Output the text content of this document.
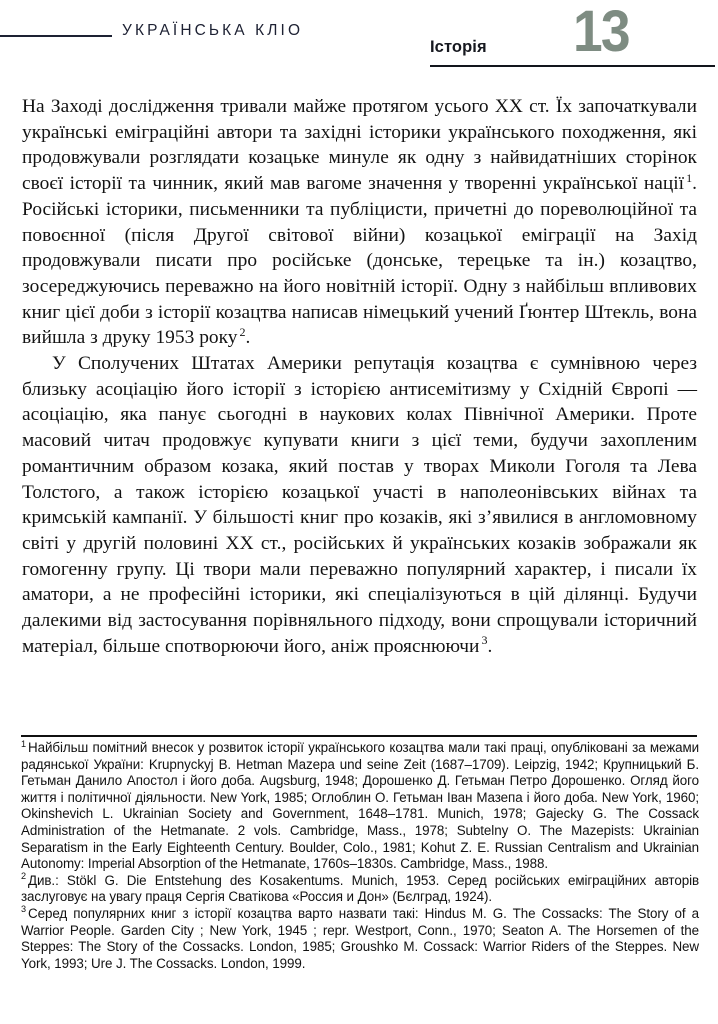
УКРАЇНСЬКА КЛІО
Історія 13

На Заході дослідження тривали майже протягом усього XX ст. Їх започаткували українські еміграційні автори та західні історики українського походження, які продовжували розглядати козацьке минуле як одну з найвидатніших сторінок своєї історії та чинник, який мав вагоме значення у творенні української нації $^1$. Російські історики, письменники та публіцисти, причетні до пореволюційної та повоєнної (після Другої світової війни) козацької еміграції на Захід продовжували писати про російське (донське, терецьке та ін.) козацтво, зосереджуючись переважно на його новітній історії. Одну з найбільш впливових книг цієї доби з історії козацтва написав німецький учений Ґюнтер Штекль, вона вийшла з друку 1953 року $^2$.

У Сполучених Штатах Америки репутація козацтва є сумнівною через близьку асоціацію його історії з історією антисемітизму у Східній Європі — асоціацію, яка панує сьогодні в наукових колах Північної Америки. Проте масовий читач продовжує купувати книги з цієї теми, будучи захопленим романтичним образом козака, який постав у творах Миколи Гоголя та Лева Толстого, а також історією козацької участі в наполеонівських війнах та кримській кампанії. У більшості книг про козаків, які з’явилися в англомовному світі у другій половині XX ст., російських й українських козаків зображали як гомогенну групу. Ці твори мали переважно популярний характер, і писали їх аматори, а не професійні історики, які спеціалізуються в цій ділянці. Будучи далекими від застосування порівняльного підходу, вони спрощували історичний матеріал, більше спотворюючи його, аніж прояснюючи $^3$.

$^1$ Найбільш помітний внесок у розвиток історії українського козацтва мали такі праці, опубліковані за межами радянської України: Krupnyckyj B. Hetman Mazepa und seine Zeit (1687–1709). Leipzig, 1942; Крупницький Б. Гетьман Данило Апостол і його доба. Augsburg, 1948; Дорошенко Д. Гетьман Петро Дорошенко. Огляд його життя і політичної діяльности. New York, 1985; Оглоблин О. Гетьман Іван Мазепа і його доба. New York, 1960; Okinshevich L. Ukrainian Society and Government, 1648–1781. Munich, 1978; Gajecky G. The Cossack Administration of the Hetmanate. 2 vols. Cambridge, Mass., 1978; Subtelny O. The Mazepists: Ukrainian Separatism in the Early Eighteenth Century. Boulder, Colo., 1981; Kohut Z. E. Russian Centralism and Ukrainian Autonomy: Imperial Absorption of the Hetmanate, 1760s–1830s. Cambridge, Mass., 1988.

$^2$ Див.: Stökl G. Die Entstehung des Kosakentums. Munich, 1953. Серед російських еміграційних авторів заслуговує на увагу праця Сергія Сватікова «Россия и Дон» (Бєлград, 1924).

$^3$ Серед популярних книг з історії козацтва варто назвати такі: Hindus M. G. The Cossacks: The Story of a Warrior People. Garden City ; New York, 1945 ; repr. Westport, Conn., 1970; Seaton A. The Horsemen of the Steppes: The Story of the Cossacks. London, 1985; Groushko M. Cossack: Warrior Riders of the Steppes. New York, 1993; Ure J. The Cossacks. London, 1999.
